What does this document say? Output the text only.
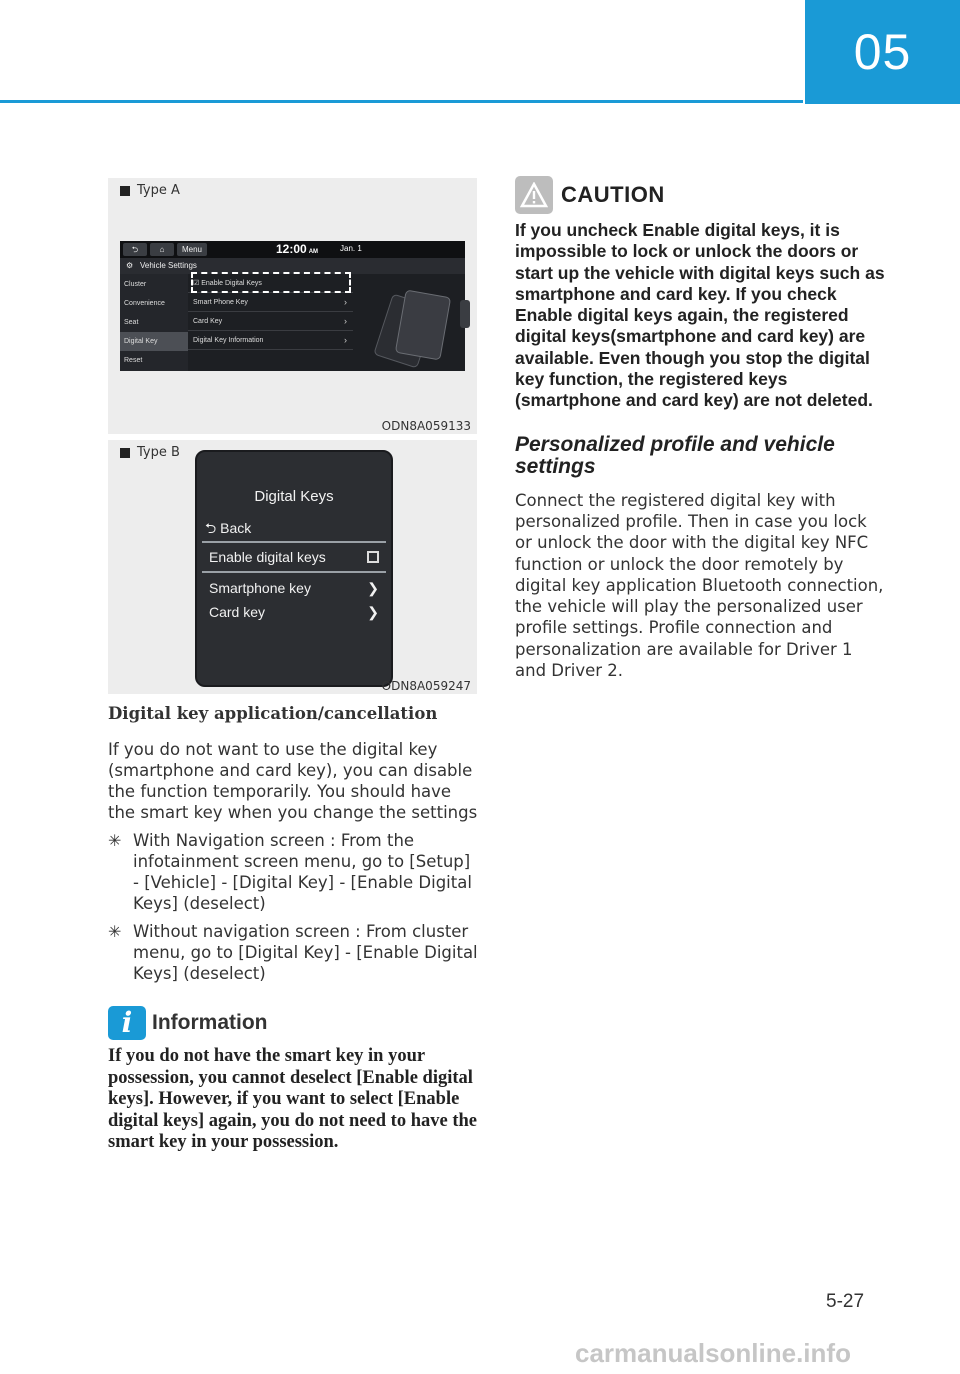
05
Type A
⮌	⌂	Menu	12:00 AM	Jan. 1
⚙ Vehicle Settings
Cluster
Convenience
Seat
Digital Key
Reset
☑ Enable Digital Keys
Smart Phone Key	›
Card Key	›
Digital Key Information	›
ODN8A059133
Type B
Digital Keys
⮌ Back
Enable digital keys
Smartphone key	❯
Card key	❯
ODN8A059247
Digital key application/cancellation
If you do not want to use the digital key (smartphone and card key), you can disable the function temporarily. You should have the smart key when you change the settings
✳ With Navigation screen : From the infotainment screen menu, go to [Setup] - [Vehicle] - [Digital Key] - [Enable Digital Keys] (deselect)
✳ Without navigation screen : From cluster menu, go to [Digital Key] - [Enable Digital Keys] (deselect)
i Information
If you do not have the smart key in your possession, you cannot deselect [Enable digital keys]. However, if you want to select [Enable digital keys] again, you do not need to have the smart key in your possession.
CAUTION
If you uncheck Enable digital keys, it is impossible to lock or unlock the doors or start up the vehicle with digital keys such as smartphone and card key. If you check Enable digital keys again, the registered digital keys(smartphone and card key) are available. Even though you stop the digital key function, the registered keys (smartphone and card key) are not deleted.
Personalized profile and vehicle settings
Connect the registered digital key with personalized profile. Then in case you lock or unlock the door with the digital key NFC function or unlock the door remotely by digital key application Bluetooth connection, the vehicle will play the personalized user profile settings. Profile connection and personalization are available for Driver 1 and Driver 2.
5-27
carmanualsonline.info
